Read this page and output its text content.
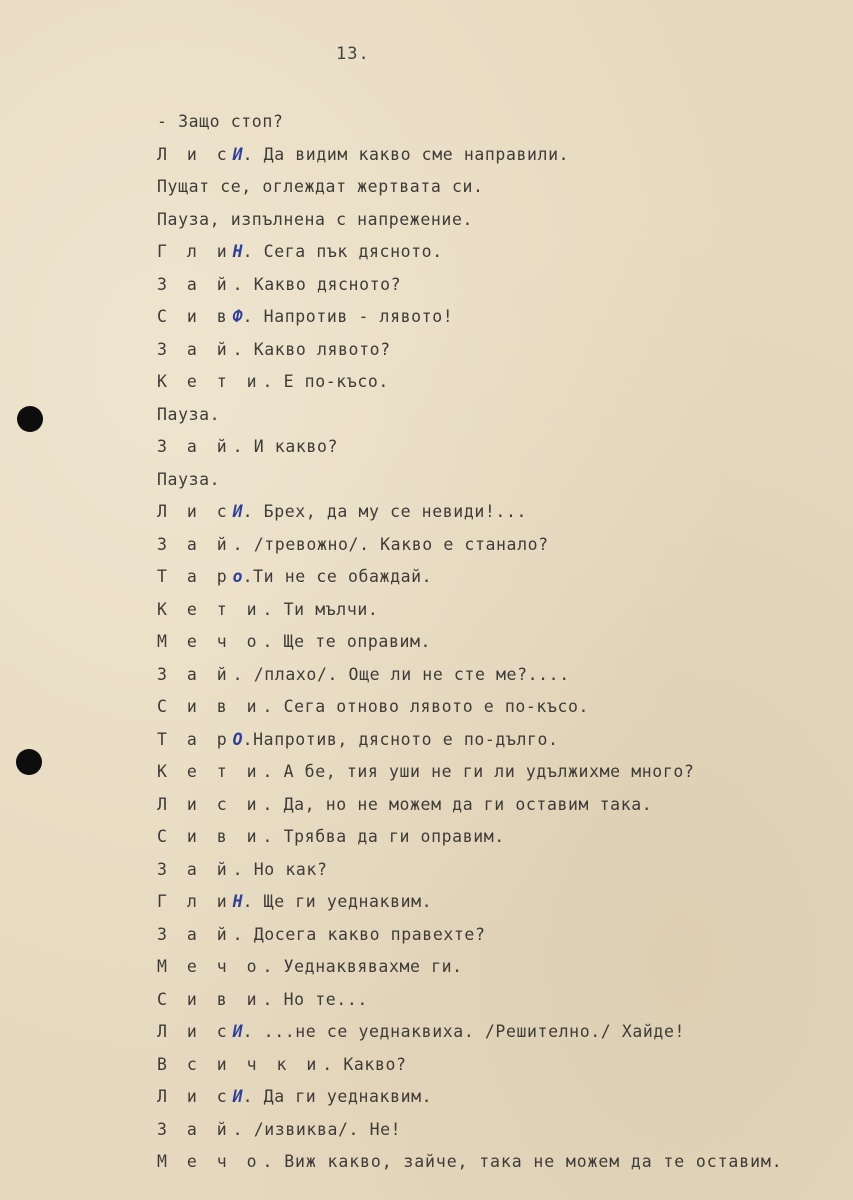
13.
- Защо стоп?
Л и сИ. Да видим какво сме направили.
Пущат се, оглеждат жертвата си.
Пауза, изпълнена с напрежение.
Г л иН. Сега пък дясното.
З а й. Какво дясното?
С и вФ. Напротив - лявото!
З а й. Какво лявото?
К е т и. Е по-късо.
Пауза.
З а й. И какво?
Пауза.
Л и сИ. Брех, да му се невиди!...
З а й. /тревожно/. Какво е станало?
Т а ро.Ти не се обаждай.
К е т и. Ти мълчи.
М е ч о. Ще те оправим.
З а й. /плахо/. Още ли не сте ме?....
С и в и. Сега отново лявото е по-късо.
Т а рО.Напротив, дясното е по-дълго.
К е т и. А бе, тия уши не ги ли удължихме много?
Л и с и. Да, но не можем да ги оставим така.
С и в и. Трябва да ги оправим.
З а й. Но как?
Г л иН. Ще ги уеднаквим.
З а й. Досега какво правехте?
М е ч о. Уеднаквявахме ги.
С и в и. Но те...
Л и сИ. ...не се уеднаквиха. /Решително./ Хайде!
В с и ч к и. Какво?
Л и сИ. Да ги уеднаквим.
З а й. /извиква/. Не!
М е ч о. Виж какво, зайче, така не можем да те оставим.
